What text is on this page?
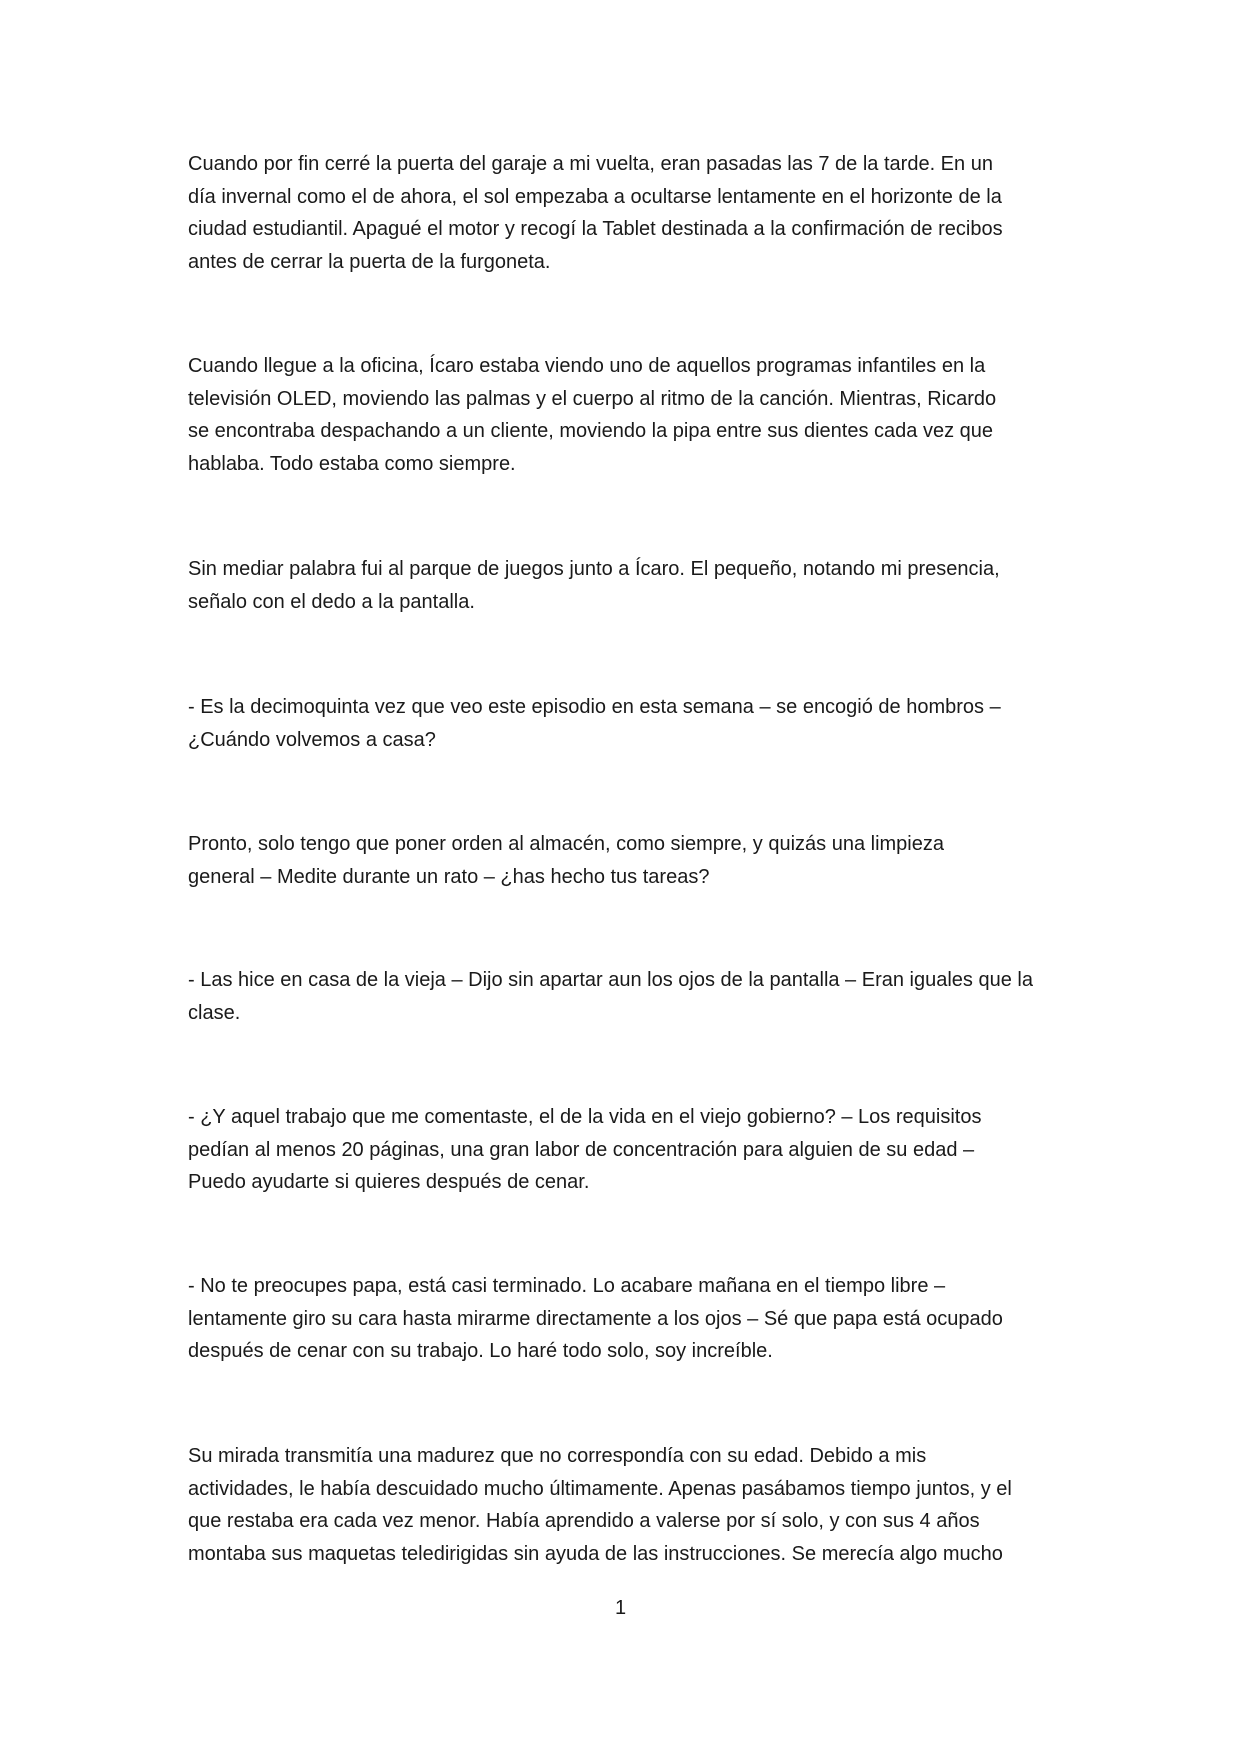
Cuando por fin cerré la puerta del garaje a mi vuelta, eran pasadas las 7 de la tarde. En un
día invernal como el de ahora, el sol empezaba a ocultarse lentamente en el horizonte de la
ciudad estudiantil. Apagué el motor y recogí la Tablet destinada a la confirmación de recibos
antes de cerrar la puerta de la furgoneta.

Cuando llegue a la oficina, Ícaro estaba viendo uno de aquellos programas infantiles en la
televisión OLED, moviendo las palmas y el cuerpo al ritmo de la canción. Mientras, Ricardo
se encontraba despachando a un cliente, moviendo la pipa entre sus dientes cada vez que
hablaba. Todo estaba como siempre.

Sin mediar palabra fui al parque de juegos junto a Ícaro. El pequeño, notando mi presencia,
señalo con el dedo a la pantalla.

- Es la decimoquinta vez que veo este episodio en esta semana – se encogió de hombros –
¿Cuándo volvemos a casa?

Pronto, solo tengo que poner orden al almacén, como siempre, y quizás una limpieza
general – Medite durante un rato – ¿has hecho tus tareas?

- Las hice en casa de la vieja – Dijo sin apartar aun los ojos de la pantalla – Eran iguales que la
clase.

- ¿Y aquel trabajo que me comentaste, el de la vida en el viejo gobierno? – Los requisitos
pedían al menos 20 páginas, una gran labor de concentración para alguien de su edad –
Puedo ayudarte si quieres después de cenar.

- No te preocupes papa, está casi terminado. Lo acabare mañana en el tiempo libre –
lentamente giro su cara hasta mirarme directamente a los ojos – Sé que papa está ocupado
después de cenar con su trabajo. Lo haré todo solo, soy increíble.

Su mirada transmitía una madurez que no correspondía con su edad. Debido a mis
actividades, le había descuidado mucho últimamente. Apenas pasábamos tiempo juntos, y el
que restaba era cada vez menor. Había aprendido a valerse por sí solo, y con sus 4 años
montaba sus maquetas teledirigidas sin ayuda de las instrucciones. Se merecía algo mucho

1
